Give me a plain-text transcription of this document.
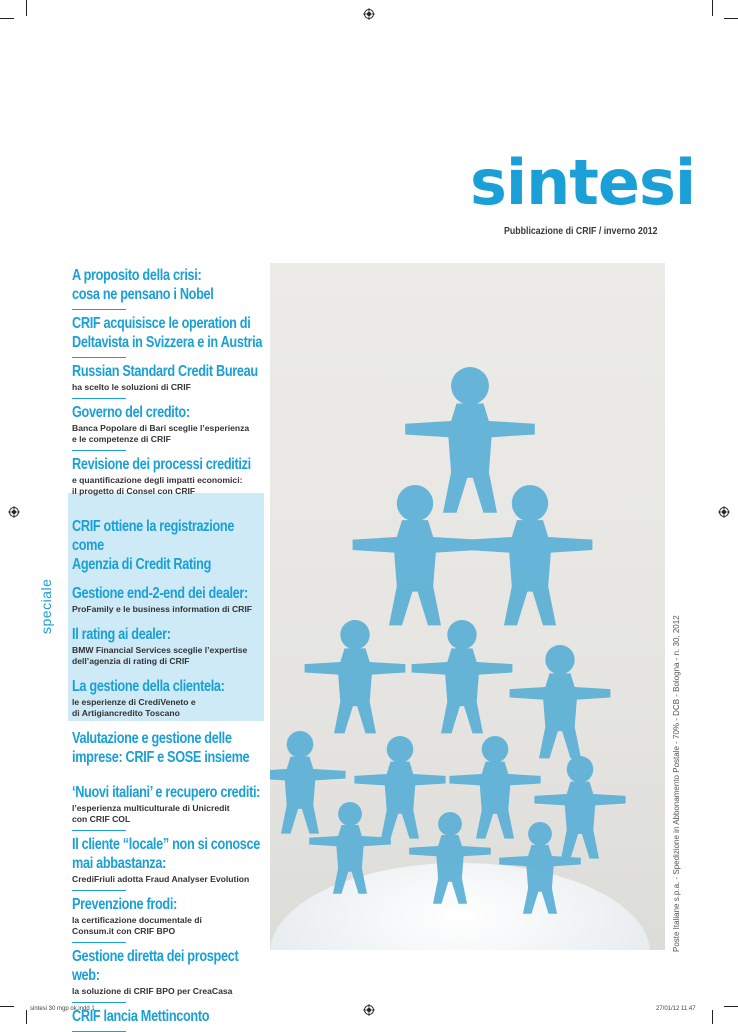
sintesi
Pubblicazione di CRIF / inverno 2012
speciale
A proposito della crisi:
cosa ne pensano i Nobel
CRIF acquisisce le operation di
Deltavista in Svizzera e in Austria
Russian Standard Credit Bureau

ha scelto le soluzioni di CRIF

Governo del credito:

Banca Popolare di Bari sceglie l’esperienza
e le competenze di CRIF

Revisione dei processi creditizi

e quantificazione degli impatti economici:
il progetto di Consel con CRIF

CRIF ottiene la registrazione come
Agenzia di Credit Rating
Gestione end-2-end dei dealer:

ProFamily e le business information di CRIF

Il rating ai dealer:

BMW Financial Services sceglie l’expertise
dell’agenzia di rating di CRIF

La gestione della clientela:

le esperienze di CrediVeneto e
di Artigiancredito Toscano

Valutazione e gestione delle
imprese: CRIF e SOSE insieme
‘Nuovi italiani’ e recupero crediti:

l’esperienza multiculturale di Unicredit
con CRIF COL

Il cliente “locale” non si conosce
mai abbastanza:

CrediFriuli adotta Fraud Analyser Evolution

Prevenzione frodi:

la certificazione documentale di
Consum.it con CRIF BPO

Gestione diretta dei prospect web:

la soluzione di CRIF BPO per CreaCasa

CRIF lancia Mettinconto
Poste Italiane s.p.a. - Spedizione in Abbonamento Postale - 70% - DCB - Bologna - n. 30, 2012
sintesi 30 mgp ok.indd 1	27/01/12 11.47
